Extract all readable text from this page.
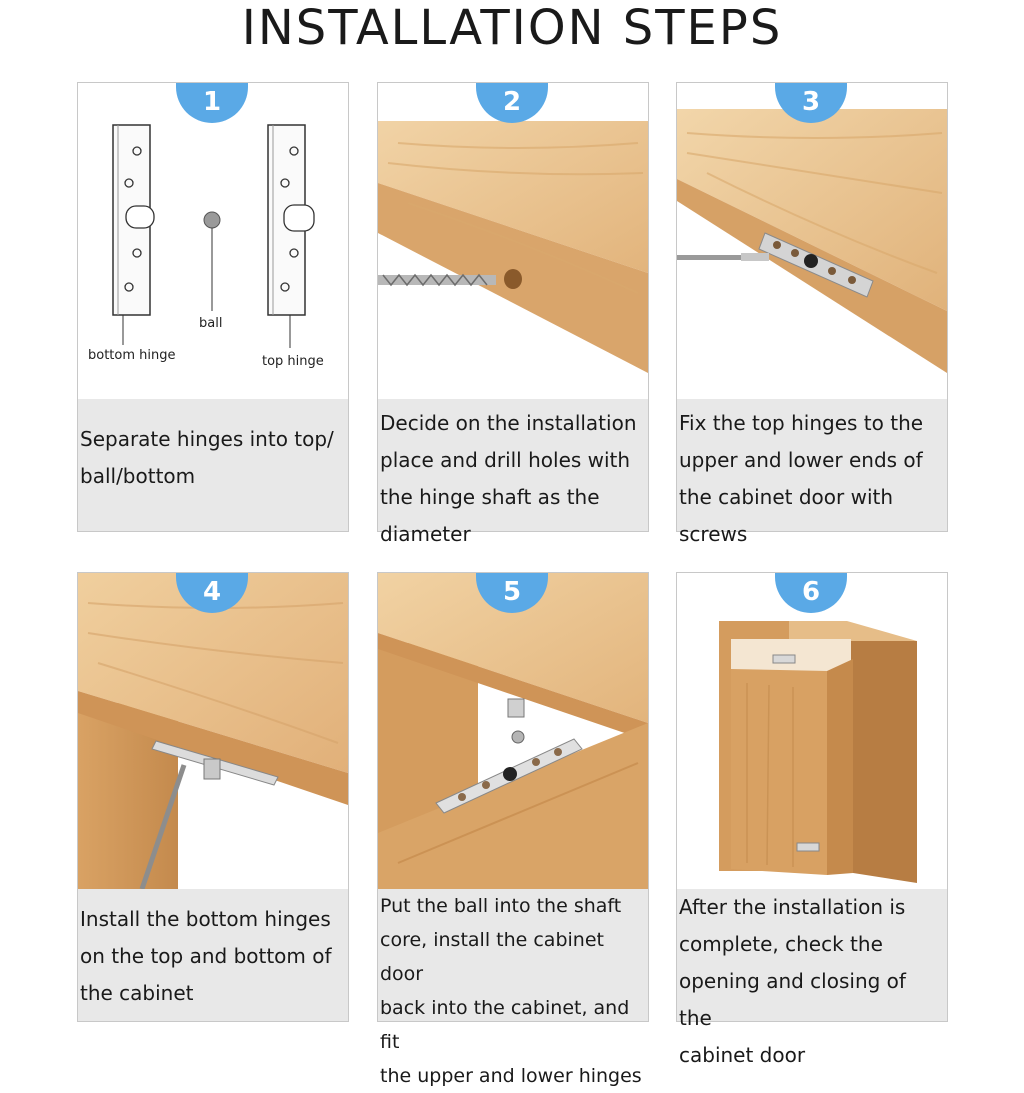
INSTALLATION STEPS
bottom hinge
ball
top hinge
1
Separate hinges into top/
ball/bottom
2
Decide on the installation
place and drill holes with
the hinge shaft as the
diameter
3
Fix the top hinges to the
upper and lower ends of
the cabinet door with
screws
4
Install the bottom hinges
on the top and bottom of
the cabinet
5
Put the ball into the shaft
core, install the cabinet door
back into the cabinet, and fit
the upper and lower hinges
6
After the installation is
complete, check the
opening and closing of the
cabinet door
